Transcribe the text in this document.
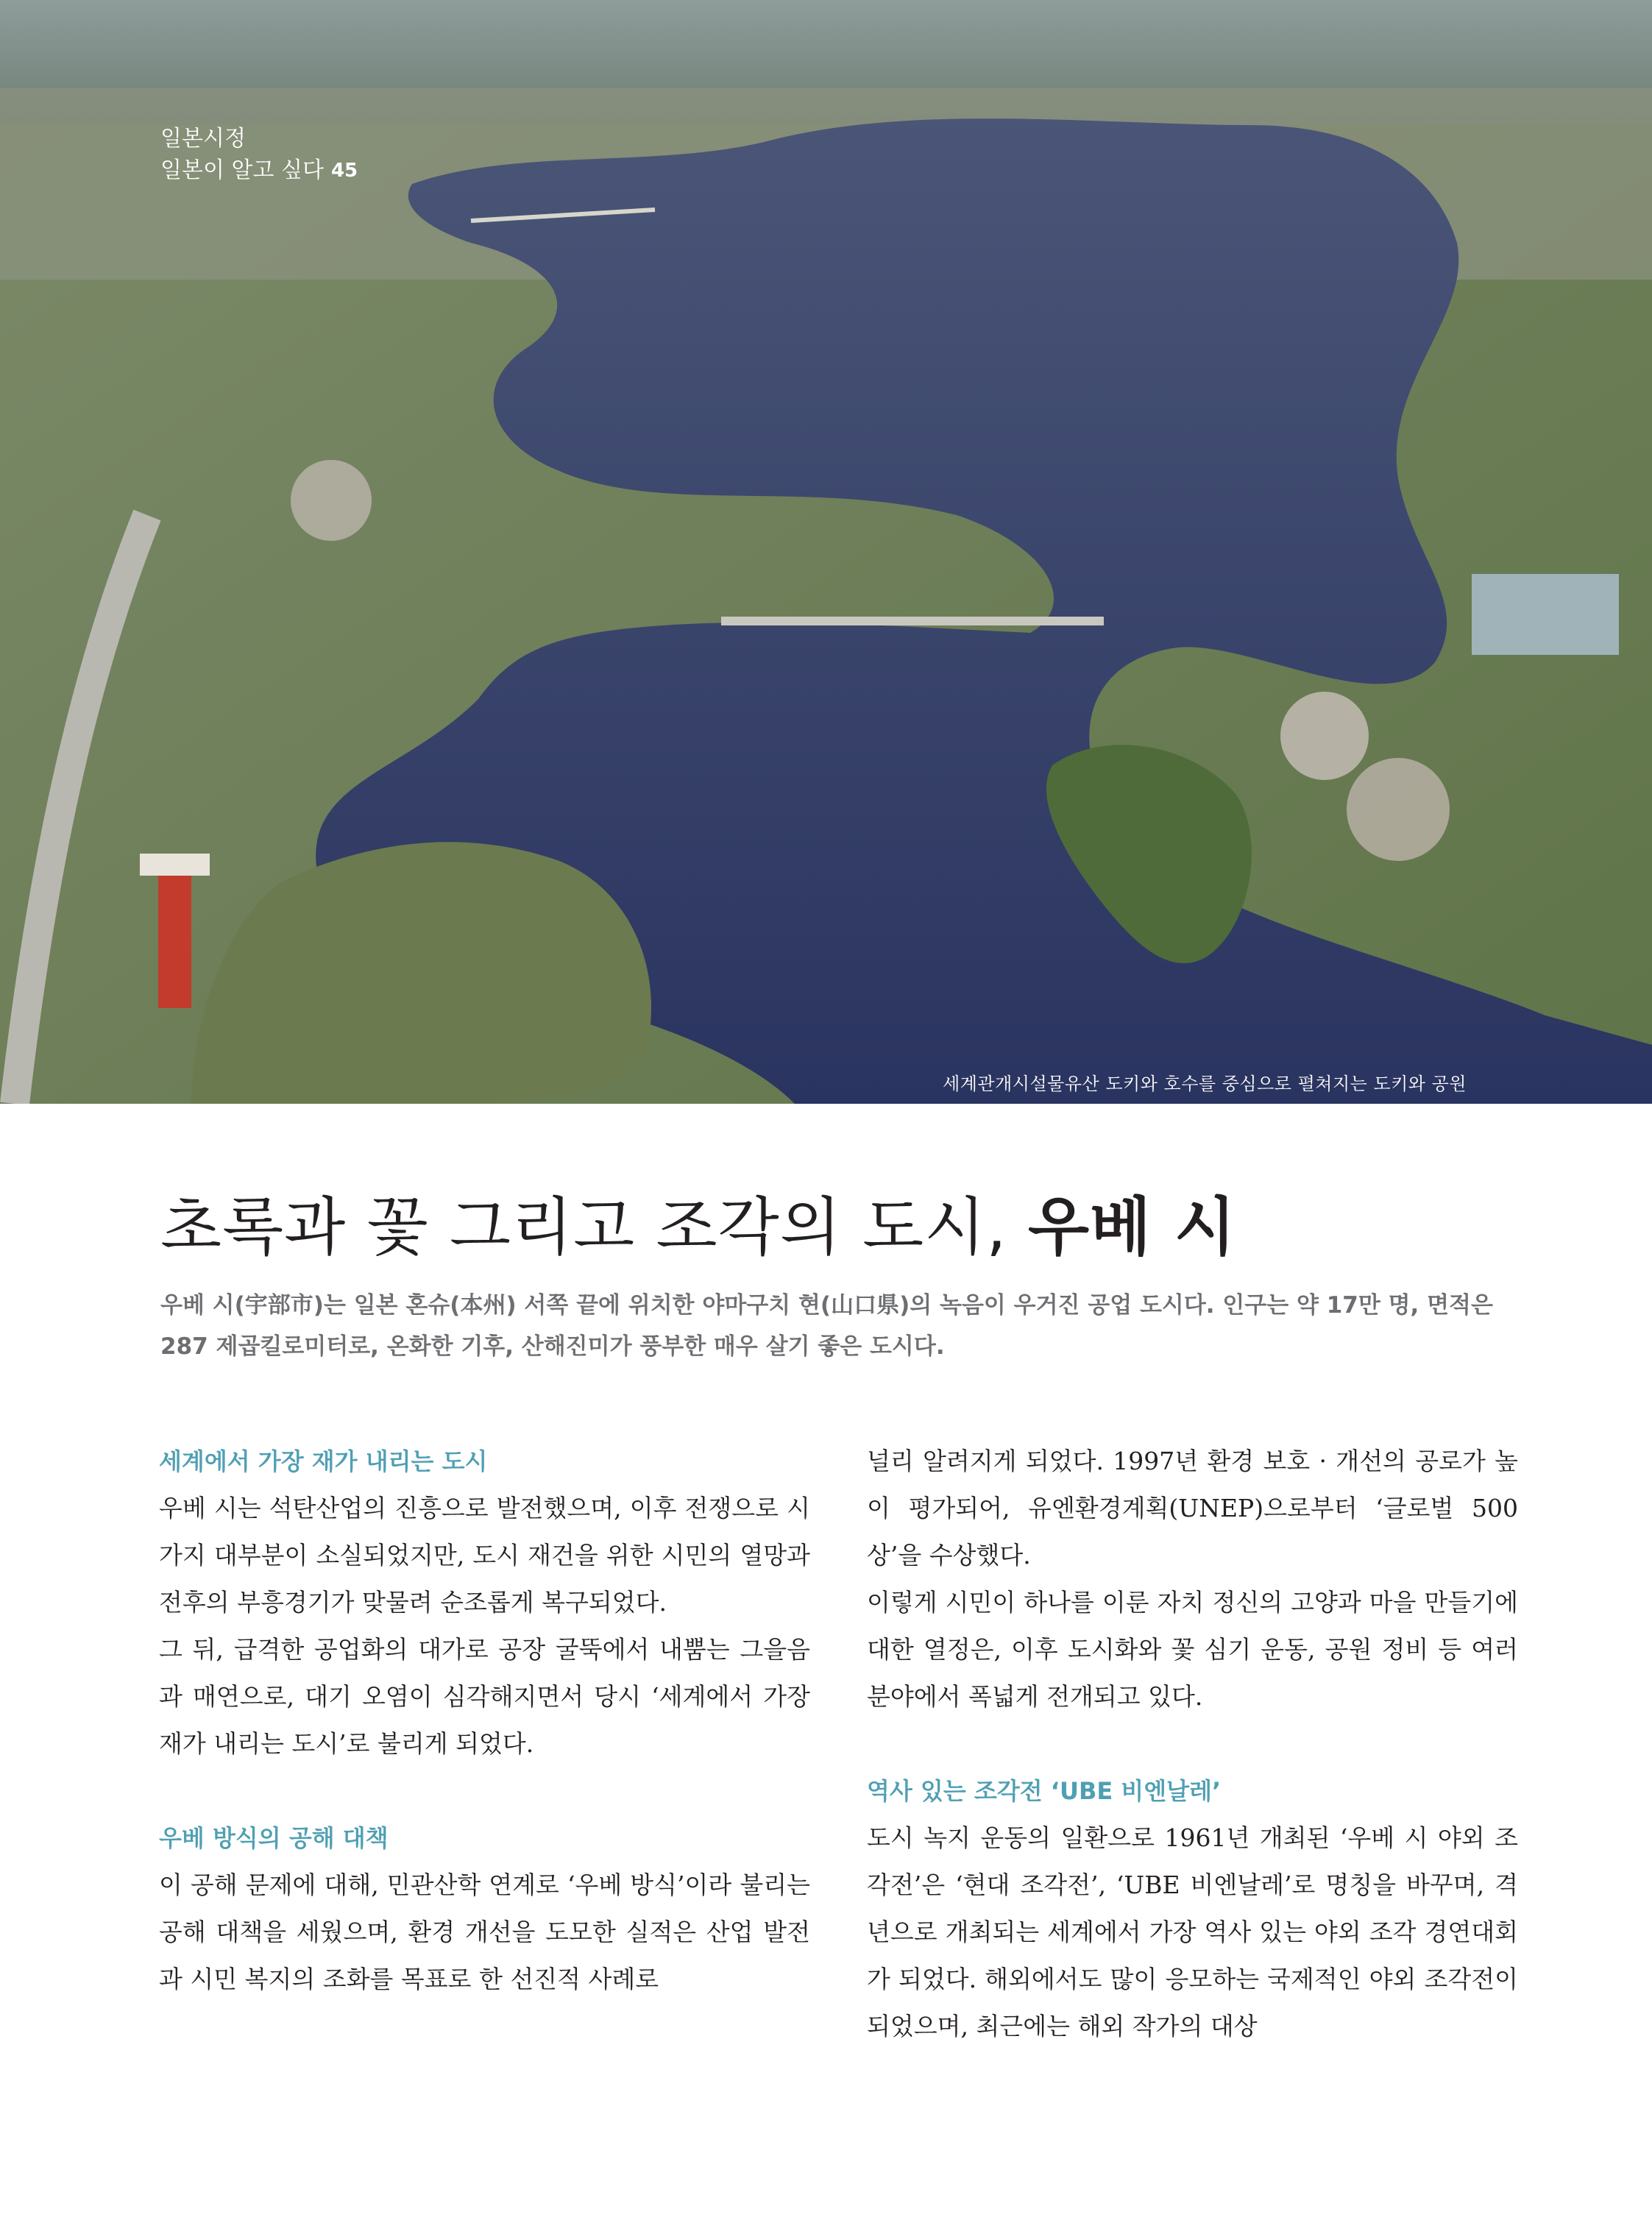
일본시정
일본이 알고 싶다 45
세계관개시설물유산 도키와 호수를 중심으로 펼쳐지는 도키와 공원
초록과 꽃 그리고 조각의 도시, 우베 시
우베 시(宇部市)는 일본 혼슈(本州) 서쪽 끝에 위치한 야마구치 현(山口県)의 녹음이 우거진 공업 도시다. 인구는 약 17만 명, 면적은 287 제곱킬로미터로, 온화한 기후, 산해진미가 풍부한 매우 살기 좋은 도시다.
세계에서 가장 재가 내리는 도시

우베 시는 석탄산업의 진흥으로 발전했으며, 이후 전쟁으로 시가지 대부분이 소실되었지만, 도시 재건을 위한 시민의 열망과 전후의 부흥경기가 맞물려 순조롭게 복구되었다.

그 뒤, 급격한 공업화의 대가로 공장 굴뚝에서 내뿜는 그을음과 매연으로, 대기 오염이 심각해지면서 당시 ‘세계에서 가장 재가 내리는 도시’로 불리게 되었다.

우베 방식의 공해 대책

이 공해 문제에 대해, 민관산학 연계로 ‘우베 방식’이라 불리는 공해 대책을 세웠으며, 환경 개선을 도모한 실적은 산업 발전과 시민 복지의 조화를 목표로 한 선진적 사례로

널리 알려지게 되었다. 1997년 환경 보호 · 개선의 공로가 높이 평가되어, 유엔환경계획(UNEP)으로부터 ‘글로벌 500상’을 수상했다.

이렇게 시민이 하나를 이룬 자치 정신의 고양과 마을 만들기에 대한 열정은, 이후 도시화와 꽃 심기 운동, 공원 정비 등 여러 분야에서 폭넓게 전개되고 있다.

역사 있는 조각전 ‘UBE 비엔날레’

도시 녹지 운동의 일환으로 1961년 개최된 ‘우베 시 야외 조각전’은 ‘현대 조각전’, ‘UBE 비엔날레’로 명칭을 바꾸며, 격년으로 개최되는 세계에서 가장 역사 있는 야외 조각 경연대회가 되었다. 해외에서도 많이 응모하는 국제적인 야외 조각전이 되었으며, 최근에는 해외 작가의 대상
